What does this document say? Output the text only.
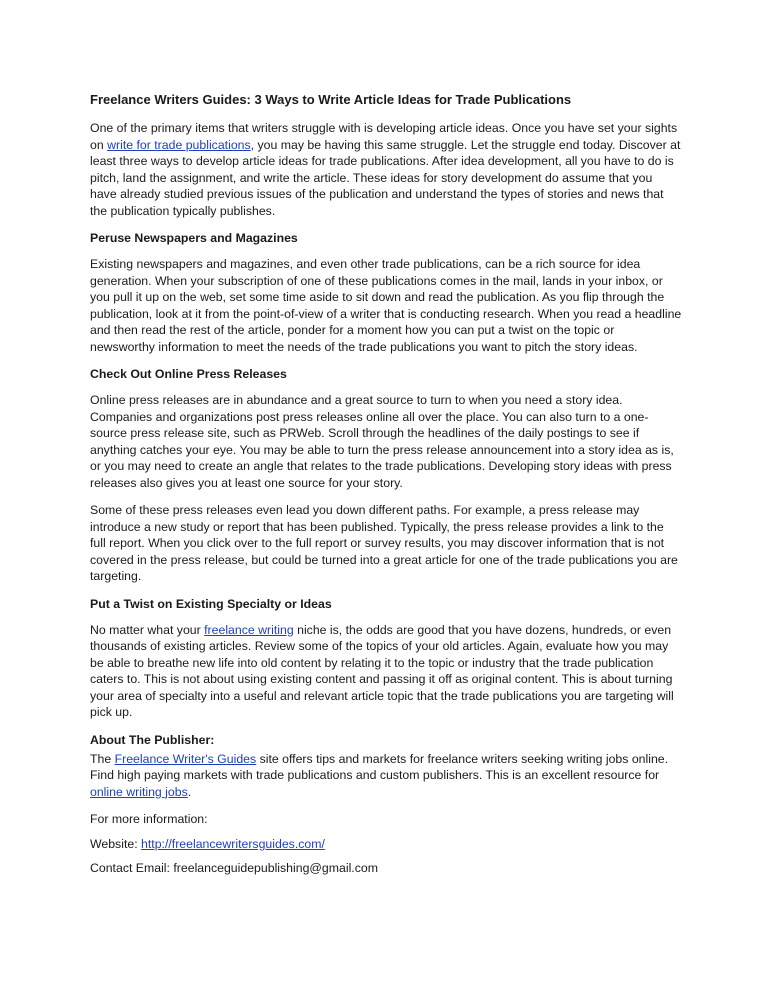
Freelance Writers Guides: 3 Ways to Write Article Ideas for Trade Publications

One of the primary items that writers struggle with is developing article ideas. Once you have set your sights on write for trade publications, you may be having this same struggle. Let the struggle end today. Discover at least three ways to develop article ideas for trade publications. After idea development, all you have to do is pitch, land the assignment, and write the article. These ideas for story development do assume that you have already studied previous issues of the publication and understand the types of stories and news that the publication typically publishes.

Peruse Newspapers and Magazines

Existing newspapers and magazines, and even other trade publications, can be a rich source for idea generation. When your subscription of one of these publications comes in the mail, lands in your inbox, or you pull it up on the web, set some time aside to sit down and read the publication. As you flip through the publication, look at it from the point-of-view of a writer that is conducting research. When you read a headline and then read the rest of the article, ponder for a moment how you can put a twist on the topic or newsworthy information to meet the needs of the trade publications you want to pitch the story ideas.

Check Out Online Press Releases

Online press releases are in abundance and a great source to turn to when you need a story idea. Companies and organizations post press releases online all over the place. You can also turn to a one-source press release site, such as PRWeb. Scroll through the headlines of the daily postings to see if anything catches your eye. You may be able to turn the press release announcement into a story idea as is, or you may need to create an angle that relates to the trade publications. Developing story ideas with press releases also gives you at least one source for your story.

Some of these press releases even lead you down different paths. For example, a press release may introduce a new study or report that has been published. Typically, the press release provides a link to the full report. When you click over to the full report or survey results, you may discover information that is not covered in the press release, but could be turned into a great article for one of the trade publications you are targeting.

Put a Twist on Existing Specialty or Ideas

No matter what your freelance writing niche is, the odds are good that you have dozens, hundreds, or even thousands of existing articles. Review some of the topics of your old articles. Again, evaluate how you may be able to breathe new life into old content by relating it to the topic or industry that the trade publication caters to. This is not about using existing content and passing it off as original content. This is about turning your area of specialty into a useful and relevant article topic that the trade publications you are targeting will pick up.

About The Publisher:

The Freelance Writer's Guides site offers tips and markets for freelance writers seeking writing jobs online. Find high paying markets with trade publications and custom publishers. This is an excellent resource for online writing jobs.

For more information:

Website: http://freelancewritersguides.com/

Contact Email: freelanceguidepublishing@gmail.com
